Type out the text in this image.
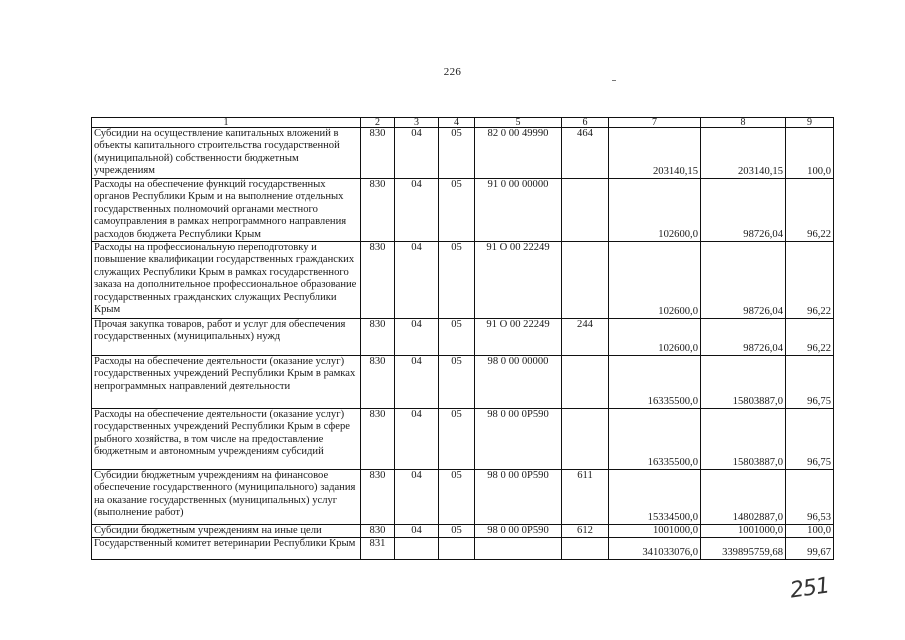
226
1	2	3	4	5	6	7	8	9
Субсидии на осуществление капитальных вложений в объекты капитального строительства государственной (муниципальной) собственности бюджетным учреждениям	830	04	05	82 0 00 49990	464	203140,15	203140,15	100,0
Расходы на обеспечение функций государственных органов Республики Крым и на выполнение отдельных государственных полномочий органами местного самоуправления в рамках непрограммного направления расходов бюджета Республики Крым	830	04	05	91 0 00 00000		102600,0	98726,04	96,22
Расходы на профессиональную переподготовку и повышение квалификации государственных гражданских служащих Республики Крым в рамках государственного заказа на дополнительное профессиональное образование государственных гражданских служащих Республики Крым	830	04	05	91 О 00 22249		102600,0	98726,04	96,22
Прочая закупка товаров, работ и услуг для обеспечения государственных (муниципальных) нужд	830	04	05	91 О 00 22249	244	102600,0	98726,04	96,22
Расходы на обеспечение деятельности (оказание услуг) государственных учреждений Республики Крым в рамках непрограммных направлений деятельности	830	04	05	98 0 00 00000		16335500,0	15803887,0	96,75
Расходы на обеспечение деятельности (оказание услуг) государственных учреждений Республики Крым в сфере рыбного хозяйства, в том числе на предоставление бюджетным и автономным учреждениям субсидий	830	04	05	98 0 00 0Р590		16335500,0	15803887,0	96,75
Субсидии бюджетным учреждениям на финансовое обеспечение государственного (муниципального) задания на оказание государственных (муниципальных) услуг (выполнение работ)	830	04	05	98 0 00 0Р590	611	15334500,0	14802887,0	96,53
Субсидии бюджетным учреждениям на иные цели	830	04	05	98 0 00 0Р590	612	1001000,0	1001000,0	100,0
Государственный комитет ветеринарии Республики Крым	831					341033076,0	339895759,68	99,67
251
